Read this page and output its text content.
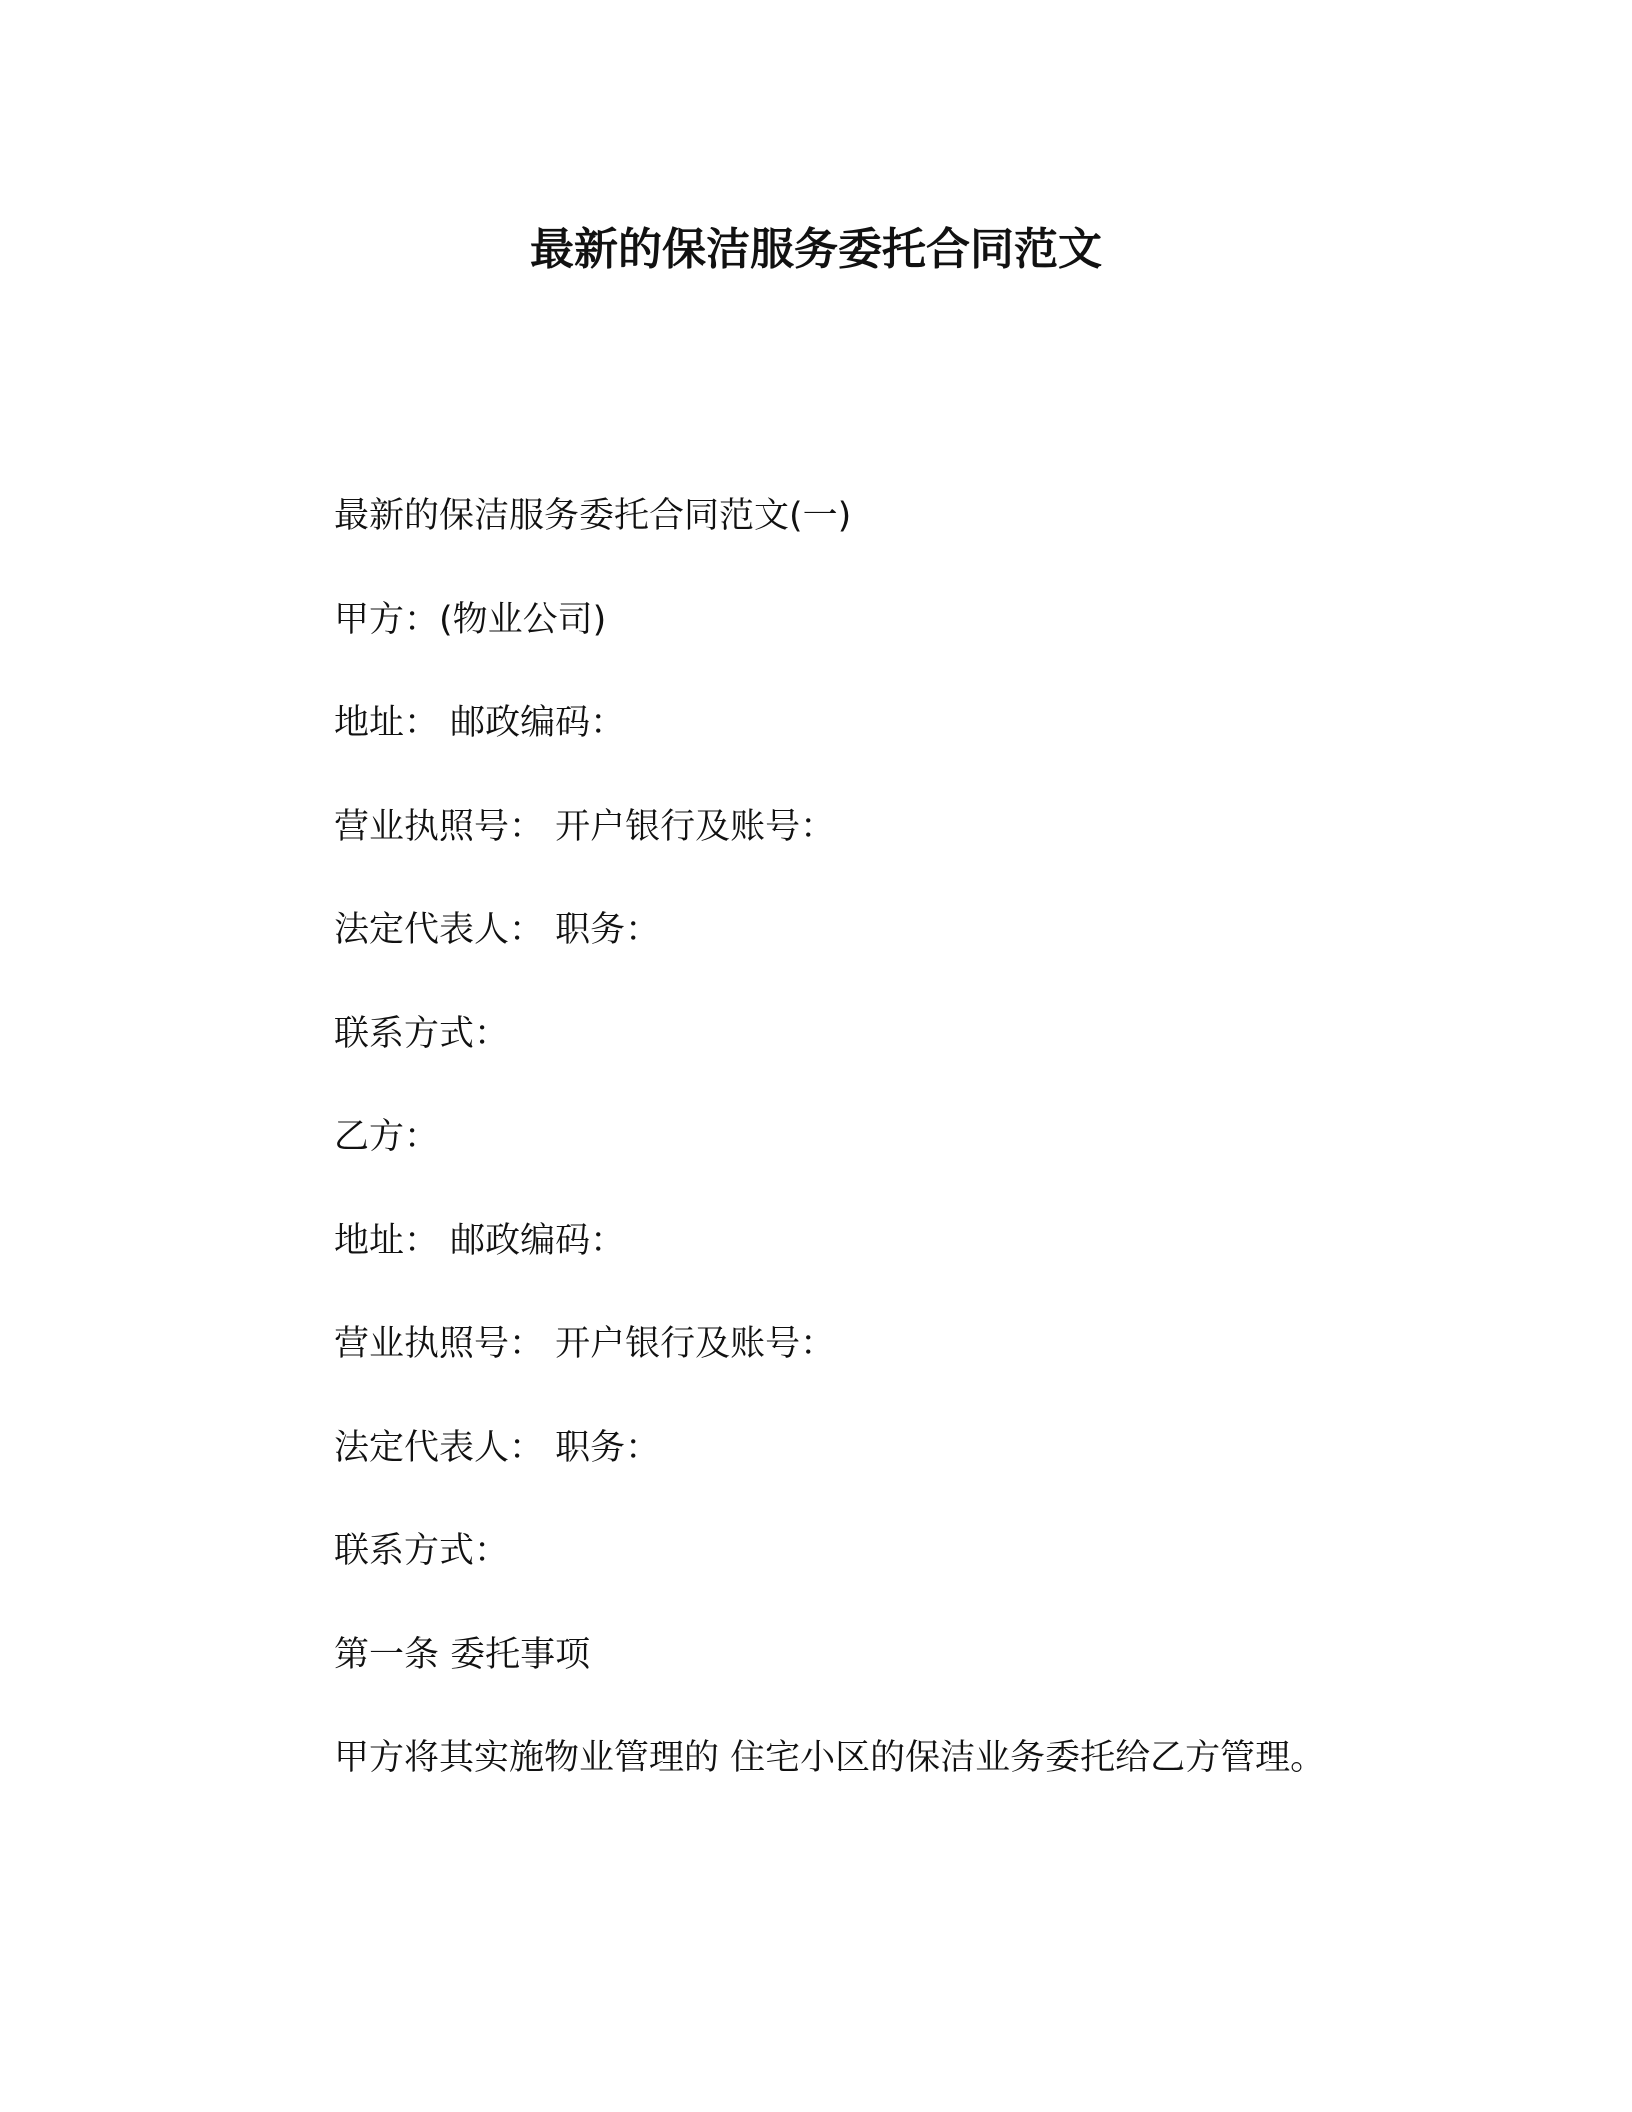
最新的保洁服务委托合同范文
最新的保洁服务委托合同范文(一)
甲方：(物业公司)
地址： 邮政编码：
营业执照号： 开户银行及账号：
法定代表人： 职务：
联系方式：
乙方：
地址： 邮政编码：
营业执照号： 开户银行及账号：
法定代表人： 职务：
联系方式：
第一条 委托事项
甲方将其实施物业管理的 住宅小区的保洁业务委托给乙方管理。
